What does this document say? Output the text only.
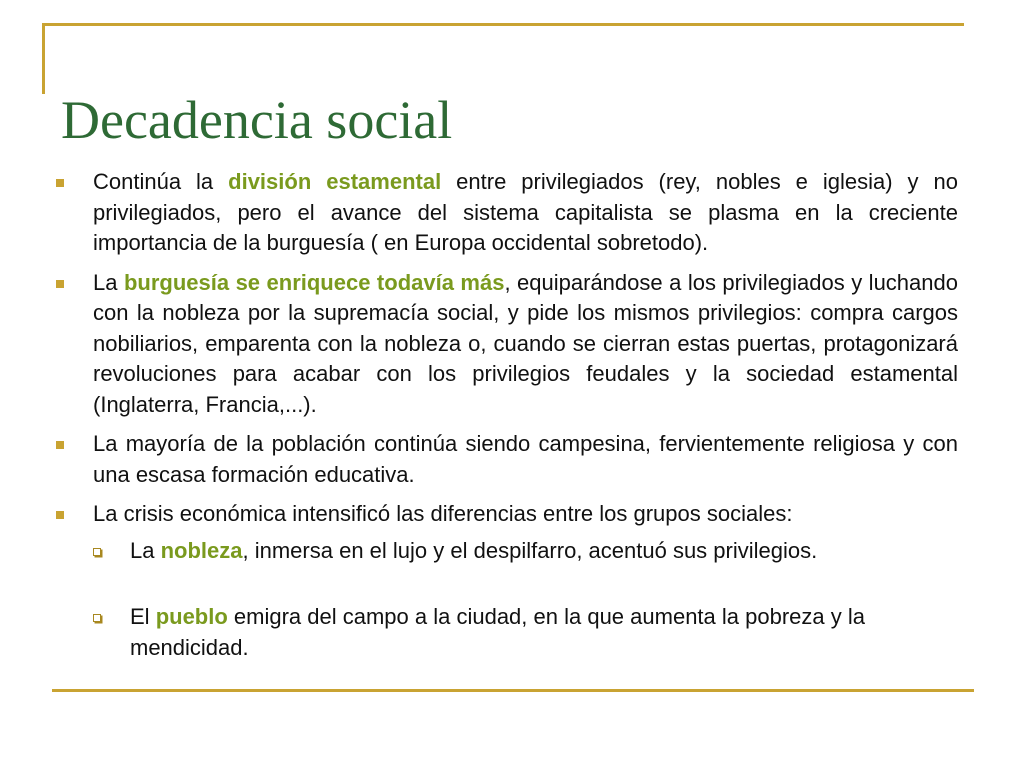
Decadencia social
Continúa la división estamental entre privilegiados (rey, nobles e iglesia) y no privilegiados, pero el avance del sistema capitalista se plasma en la creciente importancia de la burguesía ( en Europa occidental sobretodo).
La burguesía se enriquece todavía más, equiparándose a los privilegiados y luchando con la nobleza por la supremacía social, y pide los mismos privilegios: compra cargos nobiliarios, emparenta con la nobleza o, cuando se cierran estas puertas, protagonizará revoluciones para acabar con los privilegios feudales y la sociedad estamental (Inglaterra, Francia,...).
La mayoría de la población continúa siendo campesina, fervientemente religiosa y con una escasa formación educativa.
La crisis económica intensificó las diferencias entre los grupos sociales:
La nobleza, inmersa en el lujo y el despilfarro, acentuó sus privilegios.
El pueblo emigra del campo a la ciudad, en la que aumenta la pobreza y la mendicidad.
